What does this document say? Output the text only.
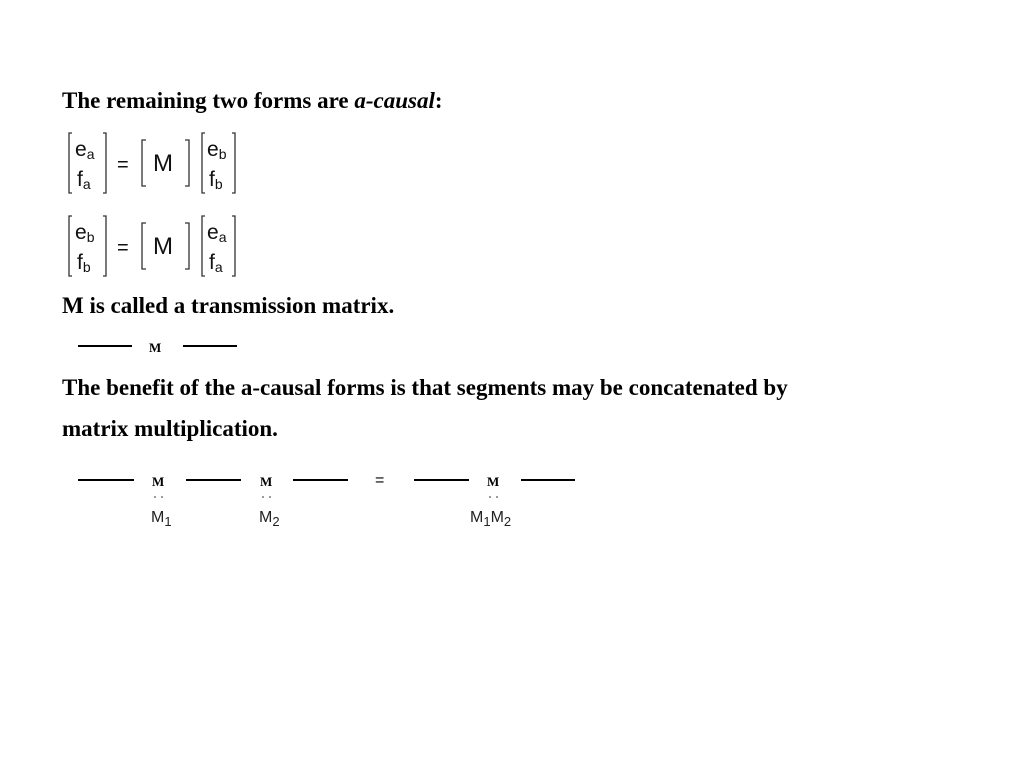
The remaining two forms are a-causal:
ea
fa
= M
eb
fb
eb
fb
= M
ea
fa
M is called a transmission matrix.
M
The benefit of the a-causal forms is that segments may be concatenated by
matrix multiplication.
M
$M_1$
M
$M_2$
=	M
$M_1M_2$
